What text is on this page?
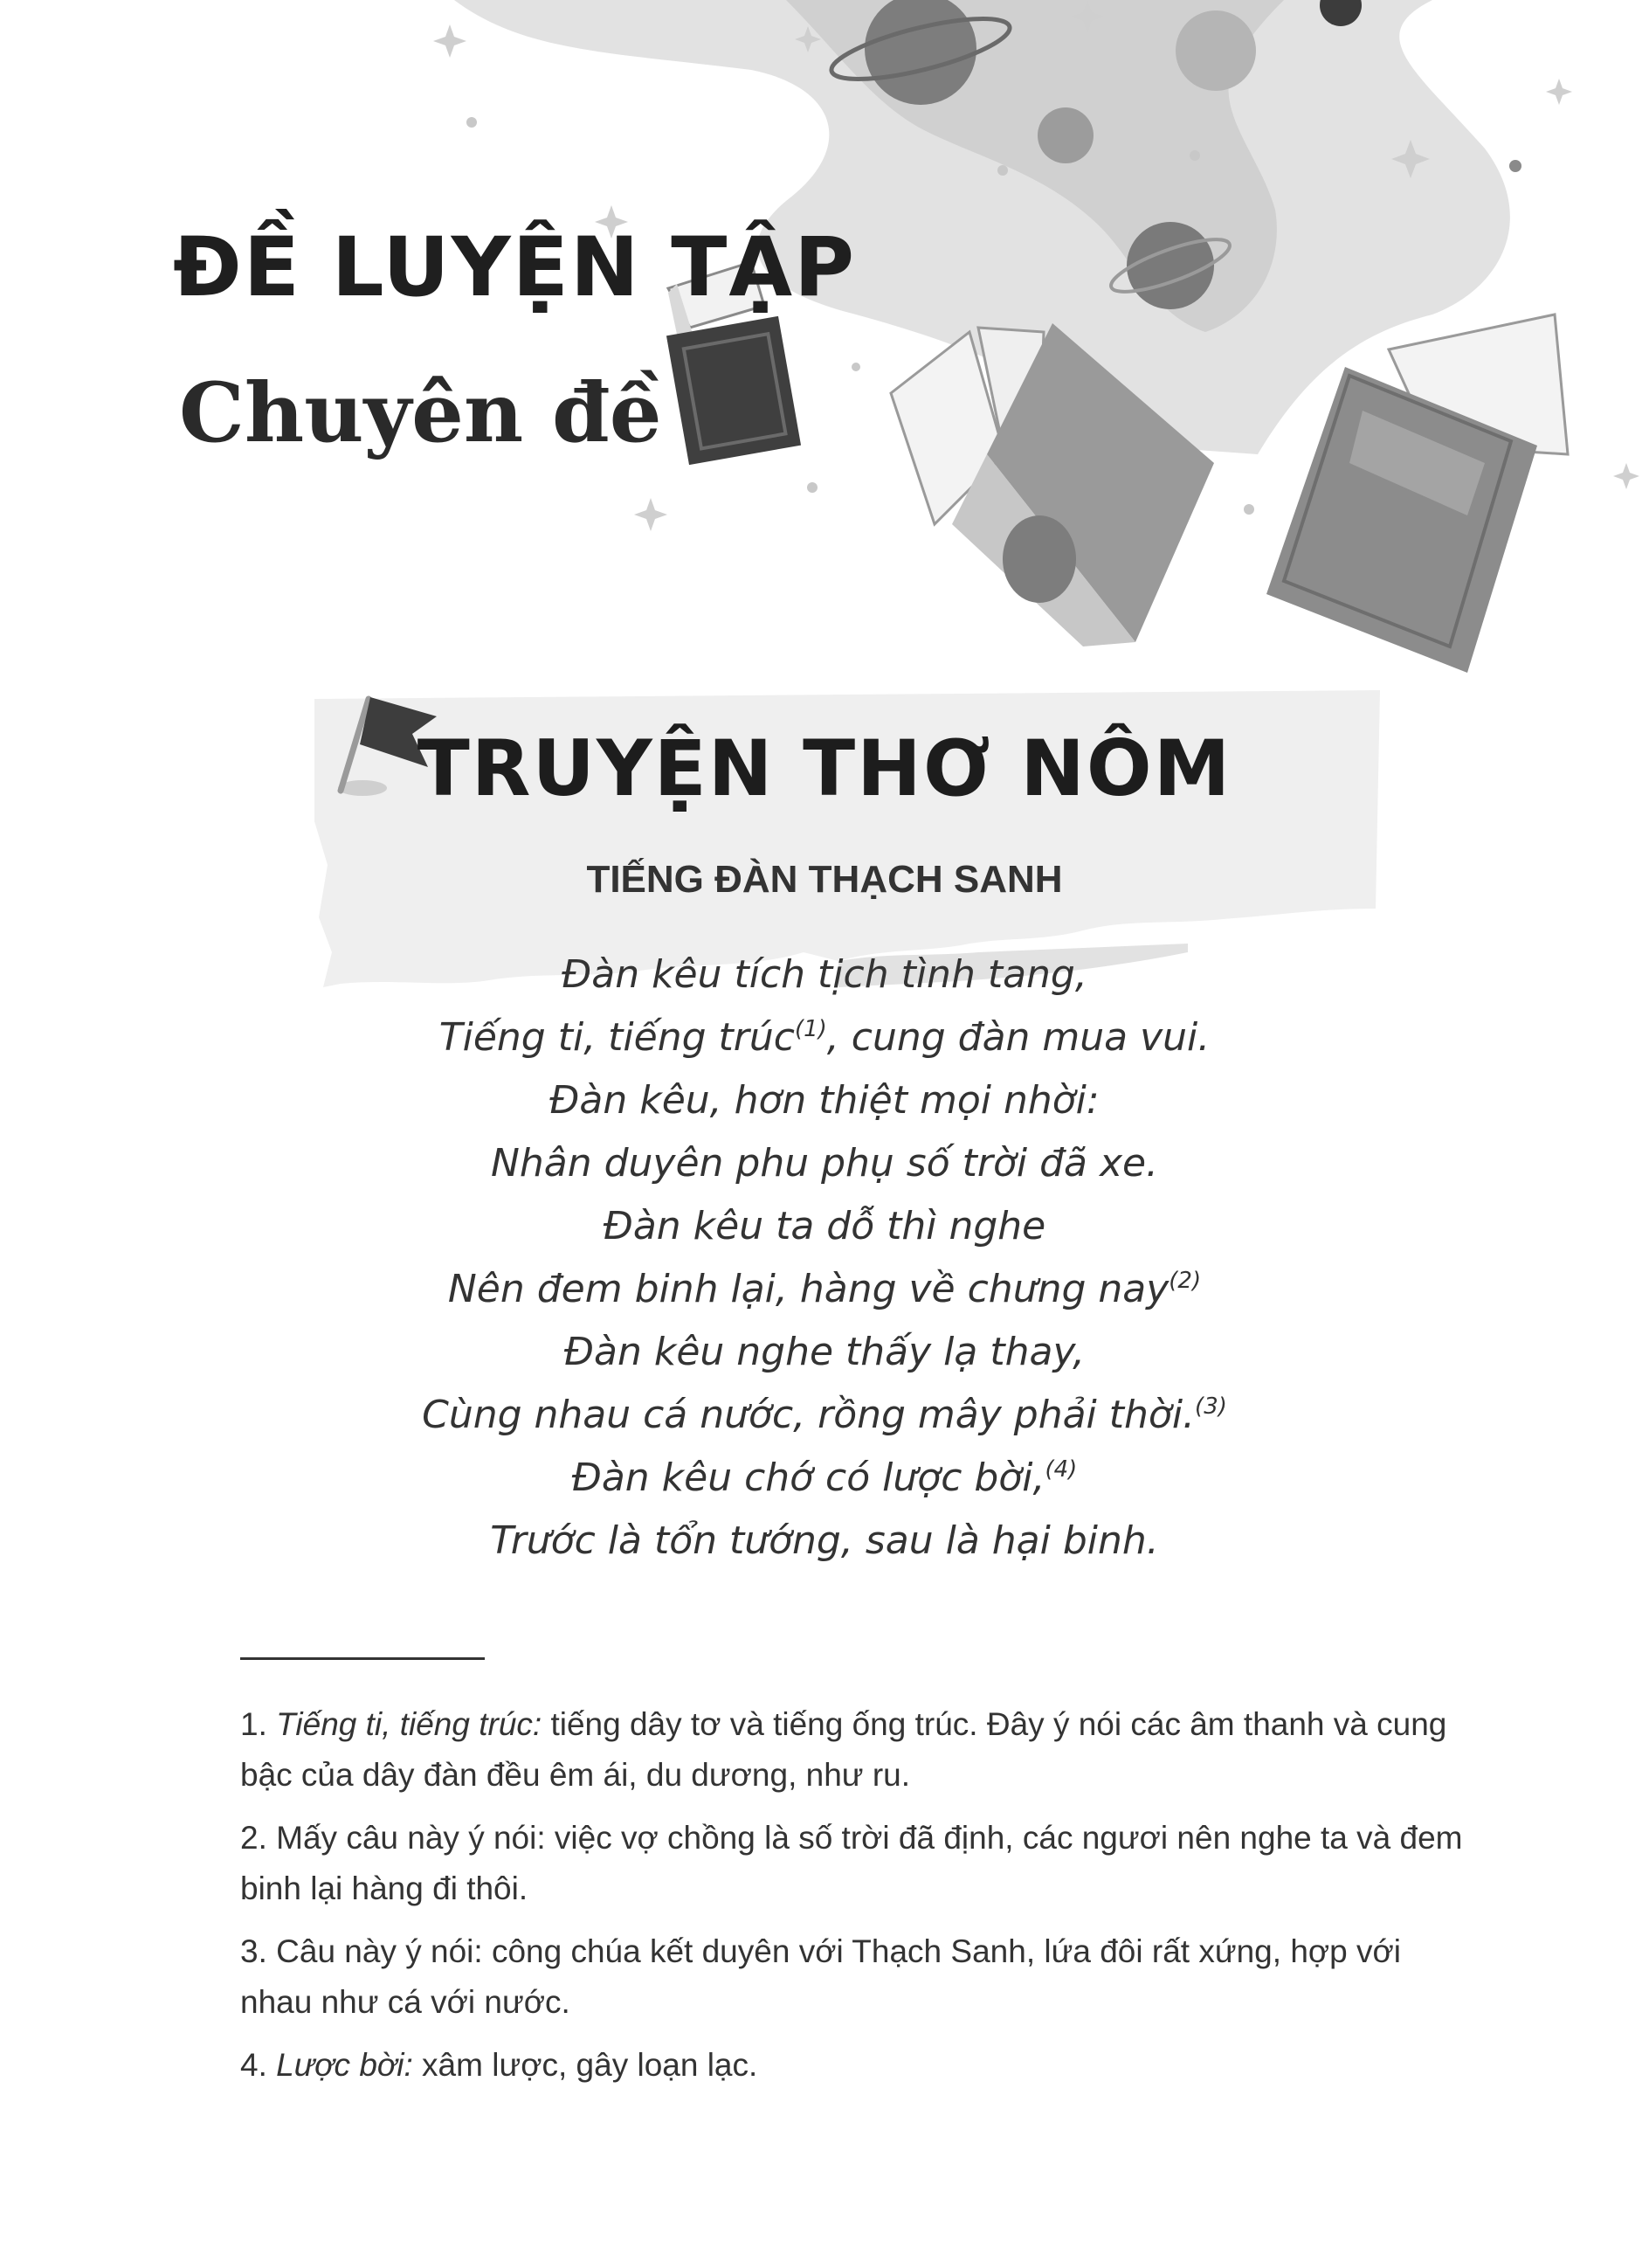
ĐỀ LUYỆN TẬP
Chuyên đề
TRUYỆN THƠ NÔM
TIẾNG ĐÀN THẠCH SANH
Đàn kêu tích tịch tình tang,
Tiếng ti, tiếng trúc$^{(1)}$, cung đàn mua vui.
Đàn kêu, hơn thiệt mọi nhời:
Nhân duyên phu phụ số trời đã xe.
Đàn kêu ta dỗ thì nghe
Nên đem binh lại, hàng về chưng nay$^{(2)}$
Đàn kêu nghe thấy lạ thay,
Cùng nhau cá nước, rồng mây phải thời.$^{(3)}$
Đàn kêu chớ có lược bời,$^{(4)}$
Trước là tổn tướng, sau là hại binh.

1. Tiếng ti, tiếng trúc: tiếng dây tơ và tiếng ống trúc. Đây ý nói các âm thanh và cung bậc của dây đàn đều êm ái, du dương, như ru.

2. Mấy câu này ý nói: việc vợ chồng là số trời đã định, các ngươi nên nghe ta và đem binh lại hàng đi thôi.

3. Câu này ý nói: công chúa kết duyên với Thạch Sanh, lứa đôi rất xứng, hợp với nhau như cá với nước.

4. Lược bời: xâm lược, gây loạn lạc.
